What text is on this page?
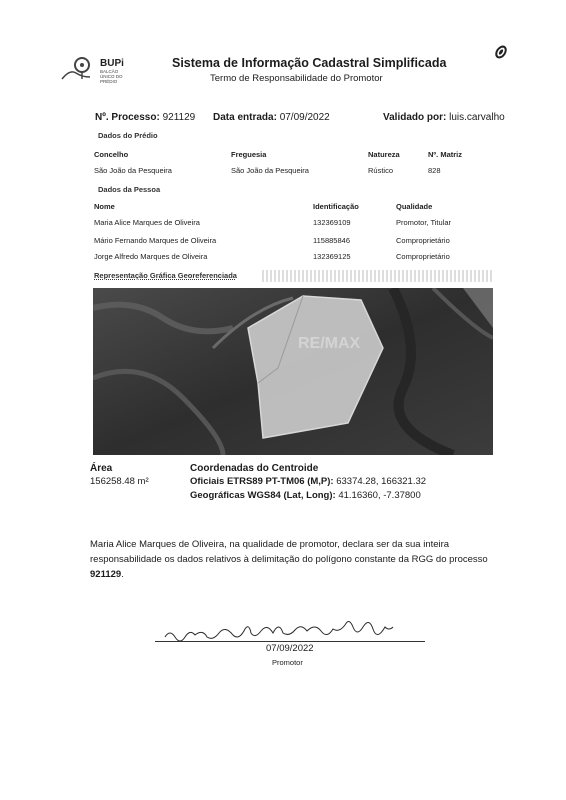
BUPi
BALCÃO ÚNICO DO PRÉDIO
Sistema de Informação Cadastral Simplificada
Termo de Responsabilidade do Promotor
Nº. Processo: 921129 Data entrada: 07/09/2022	Validado por: luis.carvalho
Dados do Prédio
Concelho	Freguesia	Natureza	Nº. Matriz
São João da Pesqueira	São João da Pesqueira	Rústico	828
Dados da Pessoa
Nome	Identificação	Qualidade
Maria Alice Marques de Oliveira	132369109	Promotor, Titular
Mário Fernando Marques de Oliveira	115885846	Comproprietário
Jorge Alfredo Marques de Oliveira	132369125	Comproprietário
Representação Gráfica Georeferenciada
RE/MAX
Área
156258.48 m²
Coordenadas do Centroide
Oficiais ETRS89 PT-TM06 (M,P): 63374.28, 166321.32
Geográficas WGS84 (Lat, Long): 41.16360, -7.37800
Maria Alice Marques de Oliveira, na qualidade de promotor, declara ser da sua inteira responsabilidade os dados relativos à delimitação do polígono constante da RGG do processo 921129.
07/09/2022
Promotor
